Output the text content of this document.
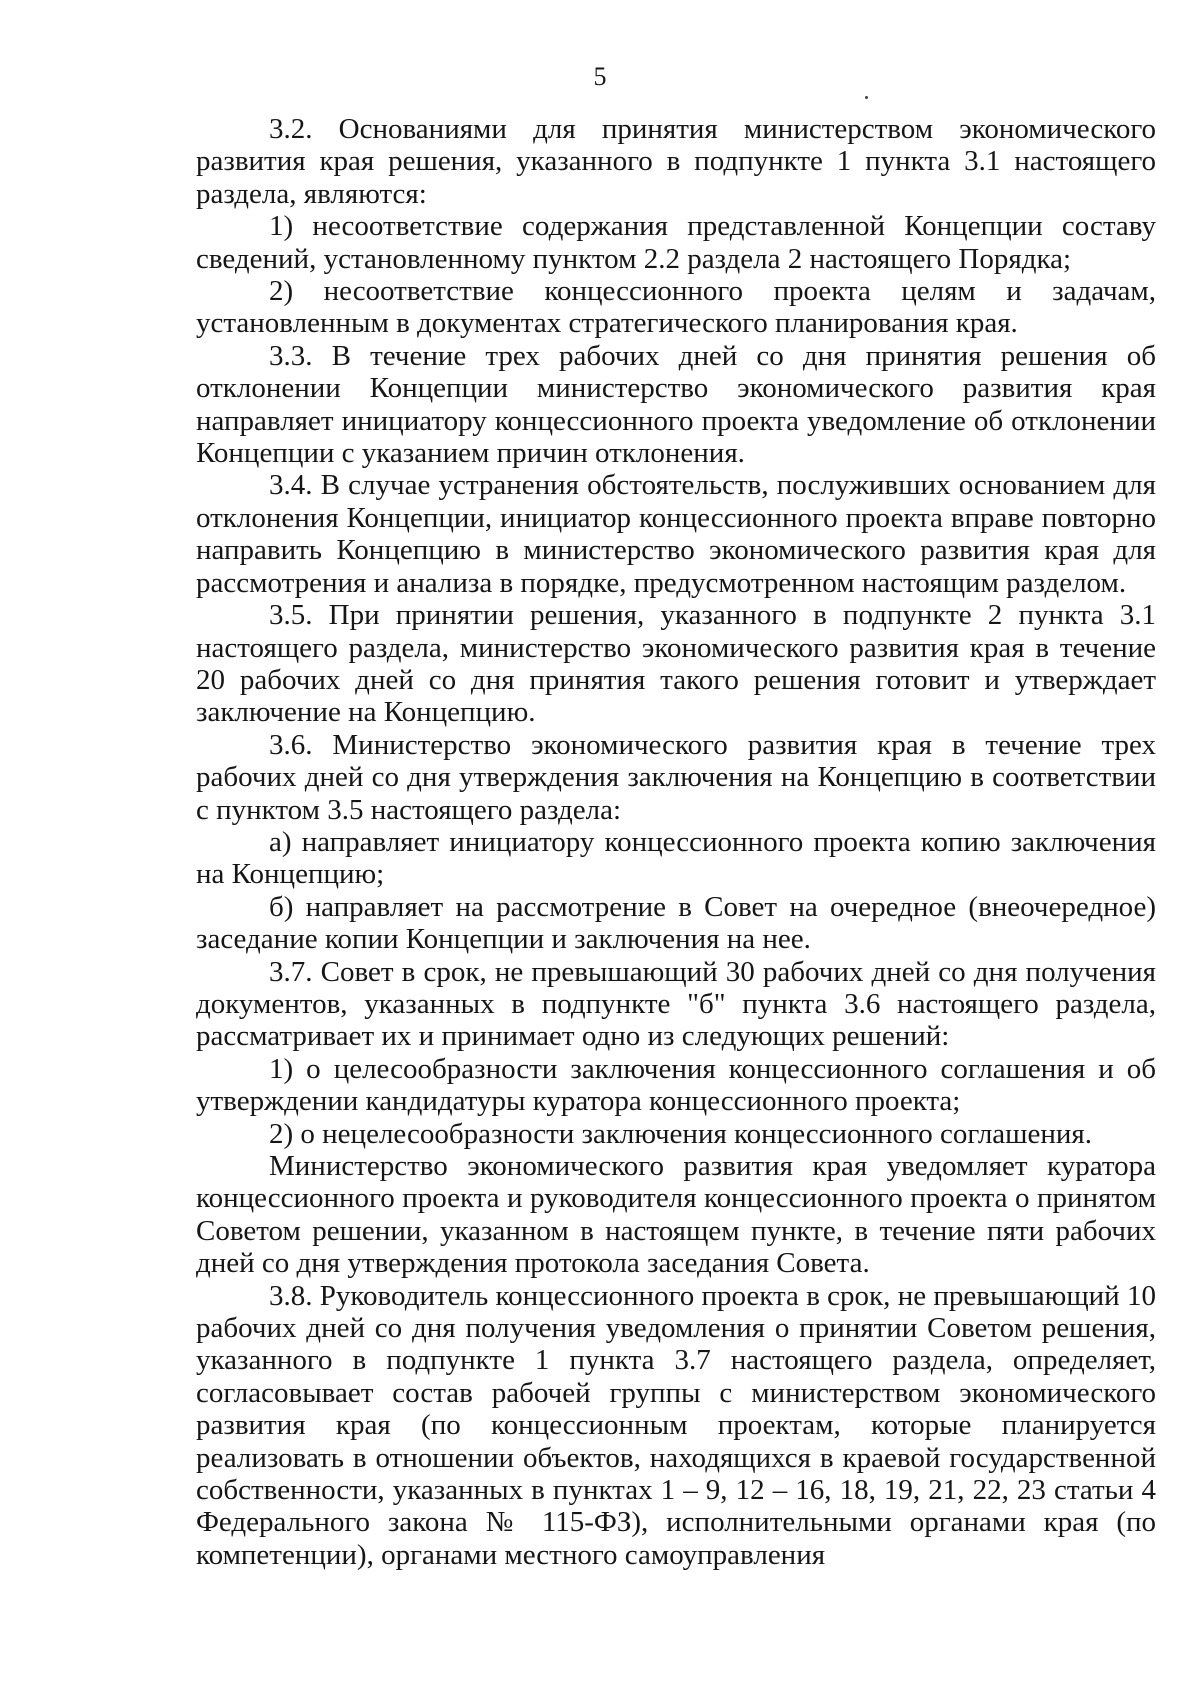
5

3.2. Основаниями для принятия министерством экономического развития края решения, указанного в подпункте 1 пункта 3.1 настоящего раздела, являются:

1) несоответствие содержания представленной Концепции составу сведений, установленному пунктом 2.2 раздела 2 настоящего Порядка;

2) несоответствие концессионного проекта целям и задачам, установленным в документах стратегического планирования края.

3.3. В течение трех рабочих дней со дня принятия решения об отклонении Концепции министерство экономического развития края направляет инициатору концессионного проекта уведомление об отклонении Концепции с указанием причин отклонения.

3.4. В случае устранения обстоятельств, послуживших основанием для отклонения Концепции, инициатор концессионного проекта вправе повторно направить Концепцию в министерство экономического развития края для рассмотрения и анализа в порядке, предусмотренном настоящим разделом.

3.5. При принятии решения, указанного в подпункте 2 пункта 3.1 настоящего раздела, министерство экономического развития края в течение 20 рабочих дней со дня принятия такого решения готовит и утверждает заключение на Концепцию.

3.6. Министерство экономического развития края в течение трех рабочих дней со дня утверждения заключения на Концепцию в соответствии с пунктом 3.5 настоящего раздела:

а) направляет инициатору концессионного проекта копию заключения на Концепцию;

б) направляет на рассмотрение в Совет на очередное (внеочередное) заседание копии Концепции и заключения на нее.

3.7. Совет в срок, не превышающий 30 рабочих дней со дня получения документов, указанных в подпункте "б" пункта 3.6 настоящего раздела, рассматривает их и принимает одно из следующих решений:

1) о целесообразности заключения концессионного соглашения и об утверждении кандидатуры куратора концессионного проекта;

2) о нецелесообразности заключения концессионного соглашения.

Министерство экономического развития края уведомляет куратора концессионного проекта и руководителя концессионного проекта о принятом Советом решении, указанном в настоящем пункте, в течение пяти рабочих дней со дня утверждения протокола заседания Совета.

3.8. Руководитель концессионного проекта в срок, не превышающий 10 рабочих дней со дня получения уведомления о принятии Советом решения, указанного в подпункте 1 пункта 3.7 настоящего раздела, определяет, согласовывает состав рабочей группы с министерством экономического развития края (по концессионным проектам, которые планируется реализовать в отношении объектов, находящихся в краевой государственной собственности, указанных в пунктах 1 – 9, 12 – 16, 18, 19, 21, 22, 23 статьи 4 Федерального закона № 115-ФЗ), исполнительными органами края (по компетенции), органами местного самоуправления
